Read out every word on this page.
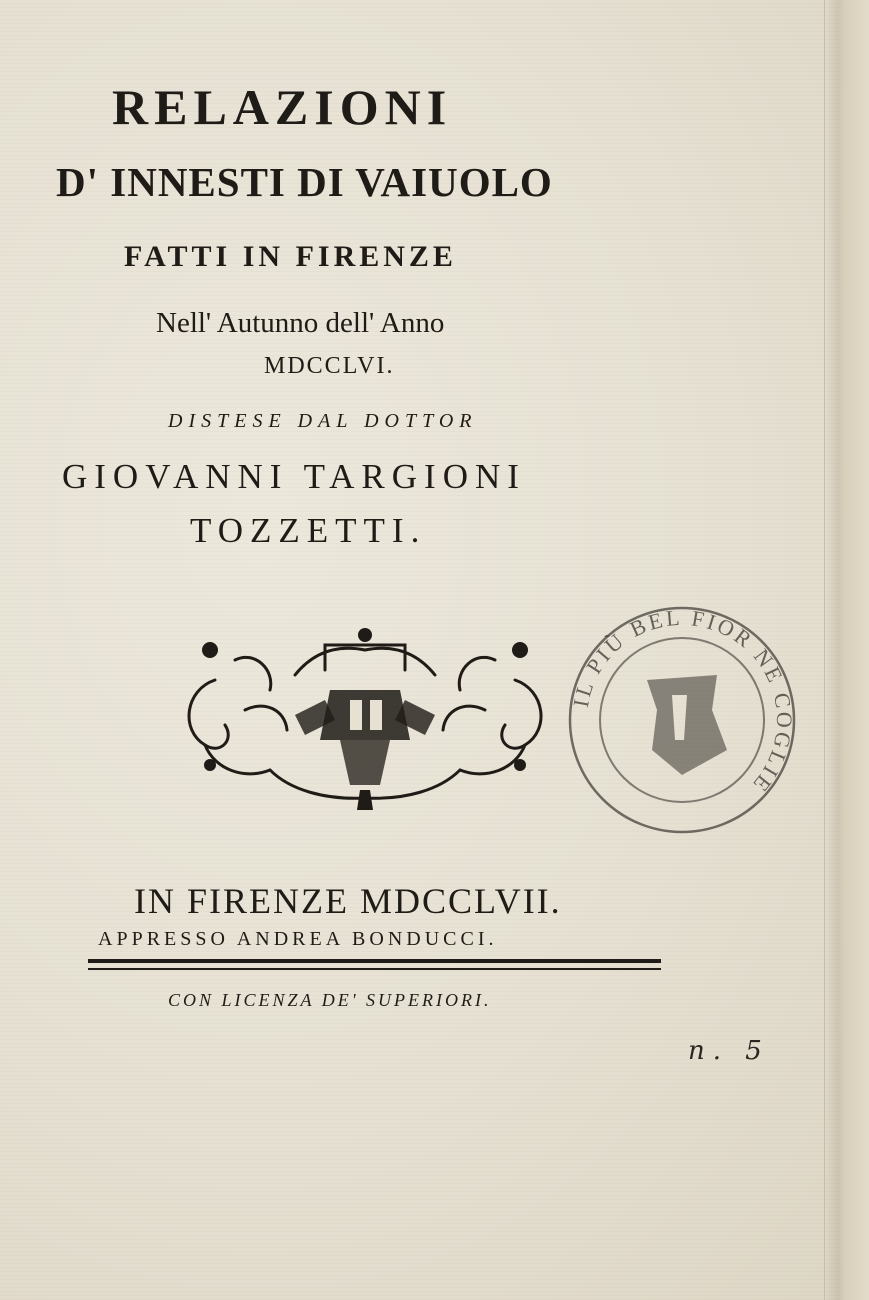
RELAZIONI
D' INNESTI DI VAIUOLO
FATTI IN FIRENZE
Nell' Autunno dell' Anno
MDCCLVI.
DISTESE DAL DOTTOR
GIOVANNI TARGIONI
TOZZETTI.
IL PIÙ BEL FIOR NE COGLIE
IN FIRENZE MDCCLVII.
APPRESSO ANDREA BONDUCCI.
CON LICENZA DE' SUPERIORI.
n. 5
